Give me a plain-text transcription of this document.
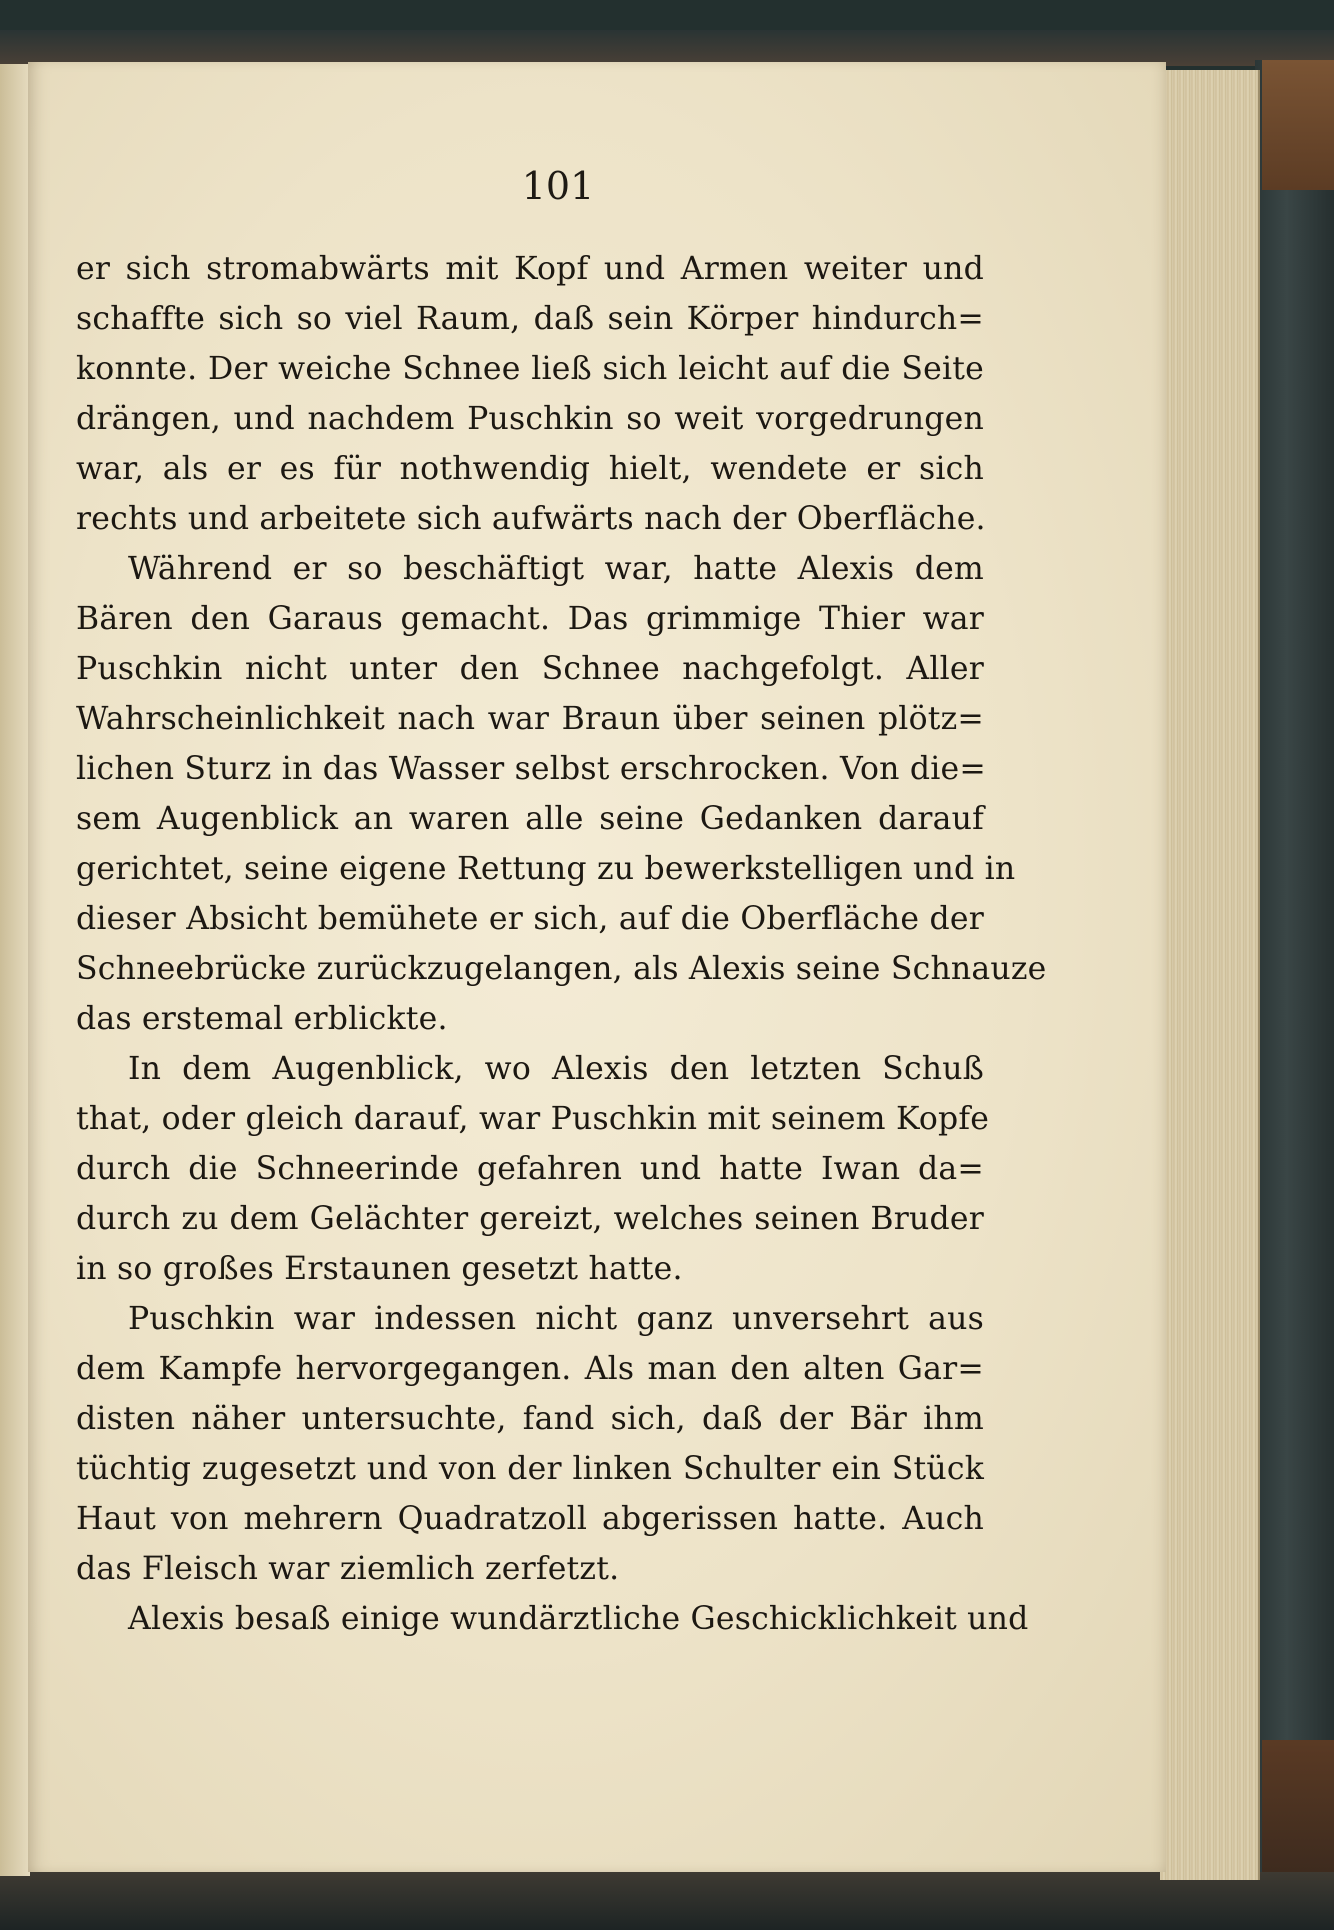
101

er sich stromabwärts mit Kopf und Armen weiter und
schaffte sich so viel Raum, daß sein Körper hindurch=
konnte. Der weiche Schnee ließ sich leicht auf die Seite
drängen, und nachdem Puschkin so weit vorgedrungen
war, als er es für nothwendig hielt, wendete er sich
rechts und arbeitete sich aufwärts nach der Oberfläche.
Während er so beschäftigt war, hatte Alexis dem
Bären den Garaus gemacht. Das grimmige Thier war
Puschkin nicht unter den Schnee nachgefolgt. Aller
Wahrscheinlichkeit nach war Braun über seinen plötz=
lichen Sturz in das Wasser selbst erschrocken. Von die=
sem Augenblick an waren alle seine Gedanken darauf
gerichtet, seine eigene Rettung zu bewerkstelligen und in
dieser Absicht bemühete er sich, auf die Oberfläche der
Schneebrücke zurückzugelangen, als Alexis seine Schnauze
das erstemal erblickte.
In dem Augenblick, wo Alexis den letzten Schuß
that, oder gleich darauf, war Puschkin mit seinem Kopfe
durch die Schneerinde gefahren und hatte Iwan da=
durch zu dem Gelächter gereizt, welches seinen Bruder
in so großes Erstaunen gesetzt hatte.
Puschkin war indessen nicht ganz unversehrt aus
dem Kampfe hervorgegangen. Als man den alten Gar=
disten näher untersuchte, fand sich, daß der Bär ihm
tüchtig zugesetzt und von der linken Schulter ein Stück
Haut von mehrern Quadratzoll abgerissen hatte. Auch
das Fleisch war ziemlich zerfetzt.
Alexis besaß einige wundärztliche Geschicklichkeit und
